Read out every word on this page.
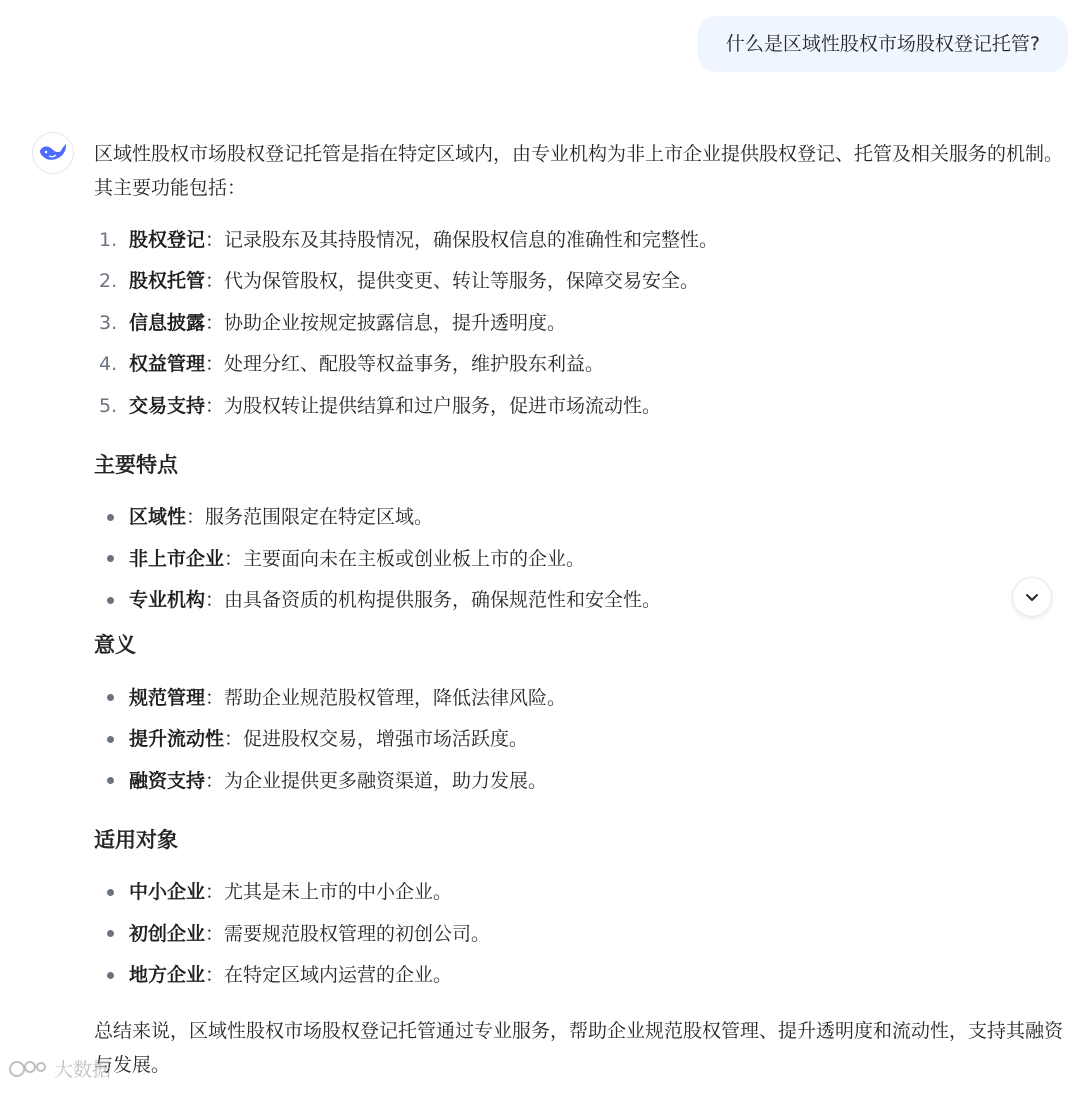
什么是区域性股权市场股权登记托管?

区域性股权市场股权登记托管是指在特定区域内，由专业机构为非上市企业提供股权登记、托管及相关服务的机制。其主要功能包括：

1. 股权登记：记录股东及其持股情况，确保股权信息的准确性和完整性。
2. 股权托管：代为保管股权，提供变更、转让等服务，保障交易安全。
3. 信息披露：协助企业按规定披露信息，提升透明度。
4. 权益管理：处理分红、配股等权益事务，维护股东利益。
5. 交易支持：为股权转让提供结算和过户服务，促进市场流动性。
主要特点
区域性：服务范围限定在特定区域。
非上市企业：主要面向未在主板或创业板上市的企业。
专业机构：由具备资质的机构提供服务，确保规范性和安全性。
意义
规范管理：帮助企业规范股权管理，降低法律风险。
提升流动性：促进股权交易，增强市场活跃度。
融资支持：为企业提供更多融资渠道，助力发展。
适用对象
中小企业：尤其是未上市的中小企业。
初创企业：需要规范股权管理的初创公司。
地方企业：在特定区域内运营的企业。

总结来说，区域性股权市场股权登记托管通过专业服务，帮助企业规范股权管理、提升透明度和流动性，支持其融资与发展。

大数据
